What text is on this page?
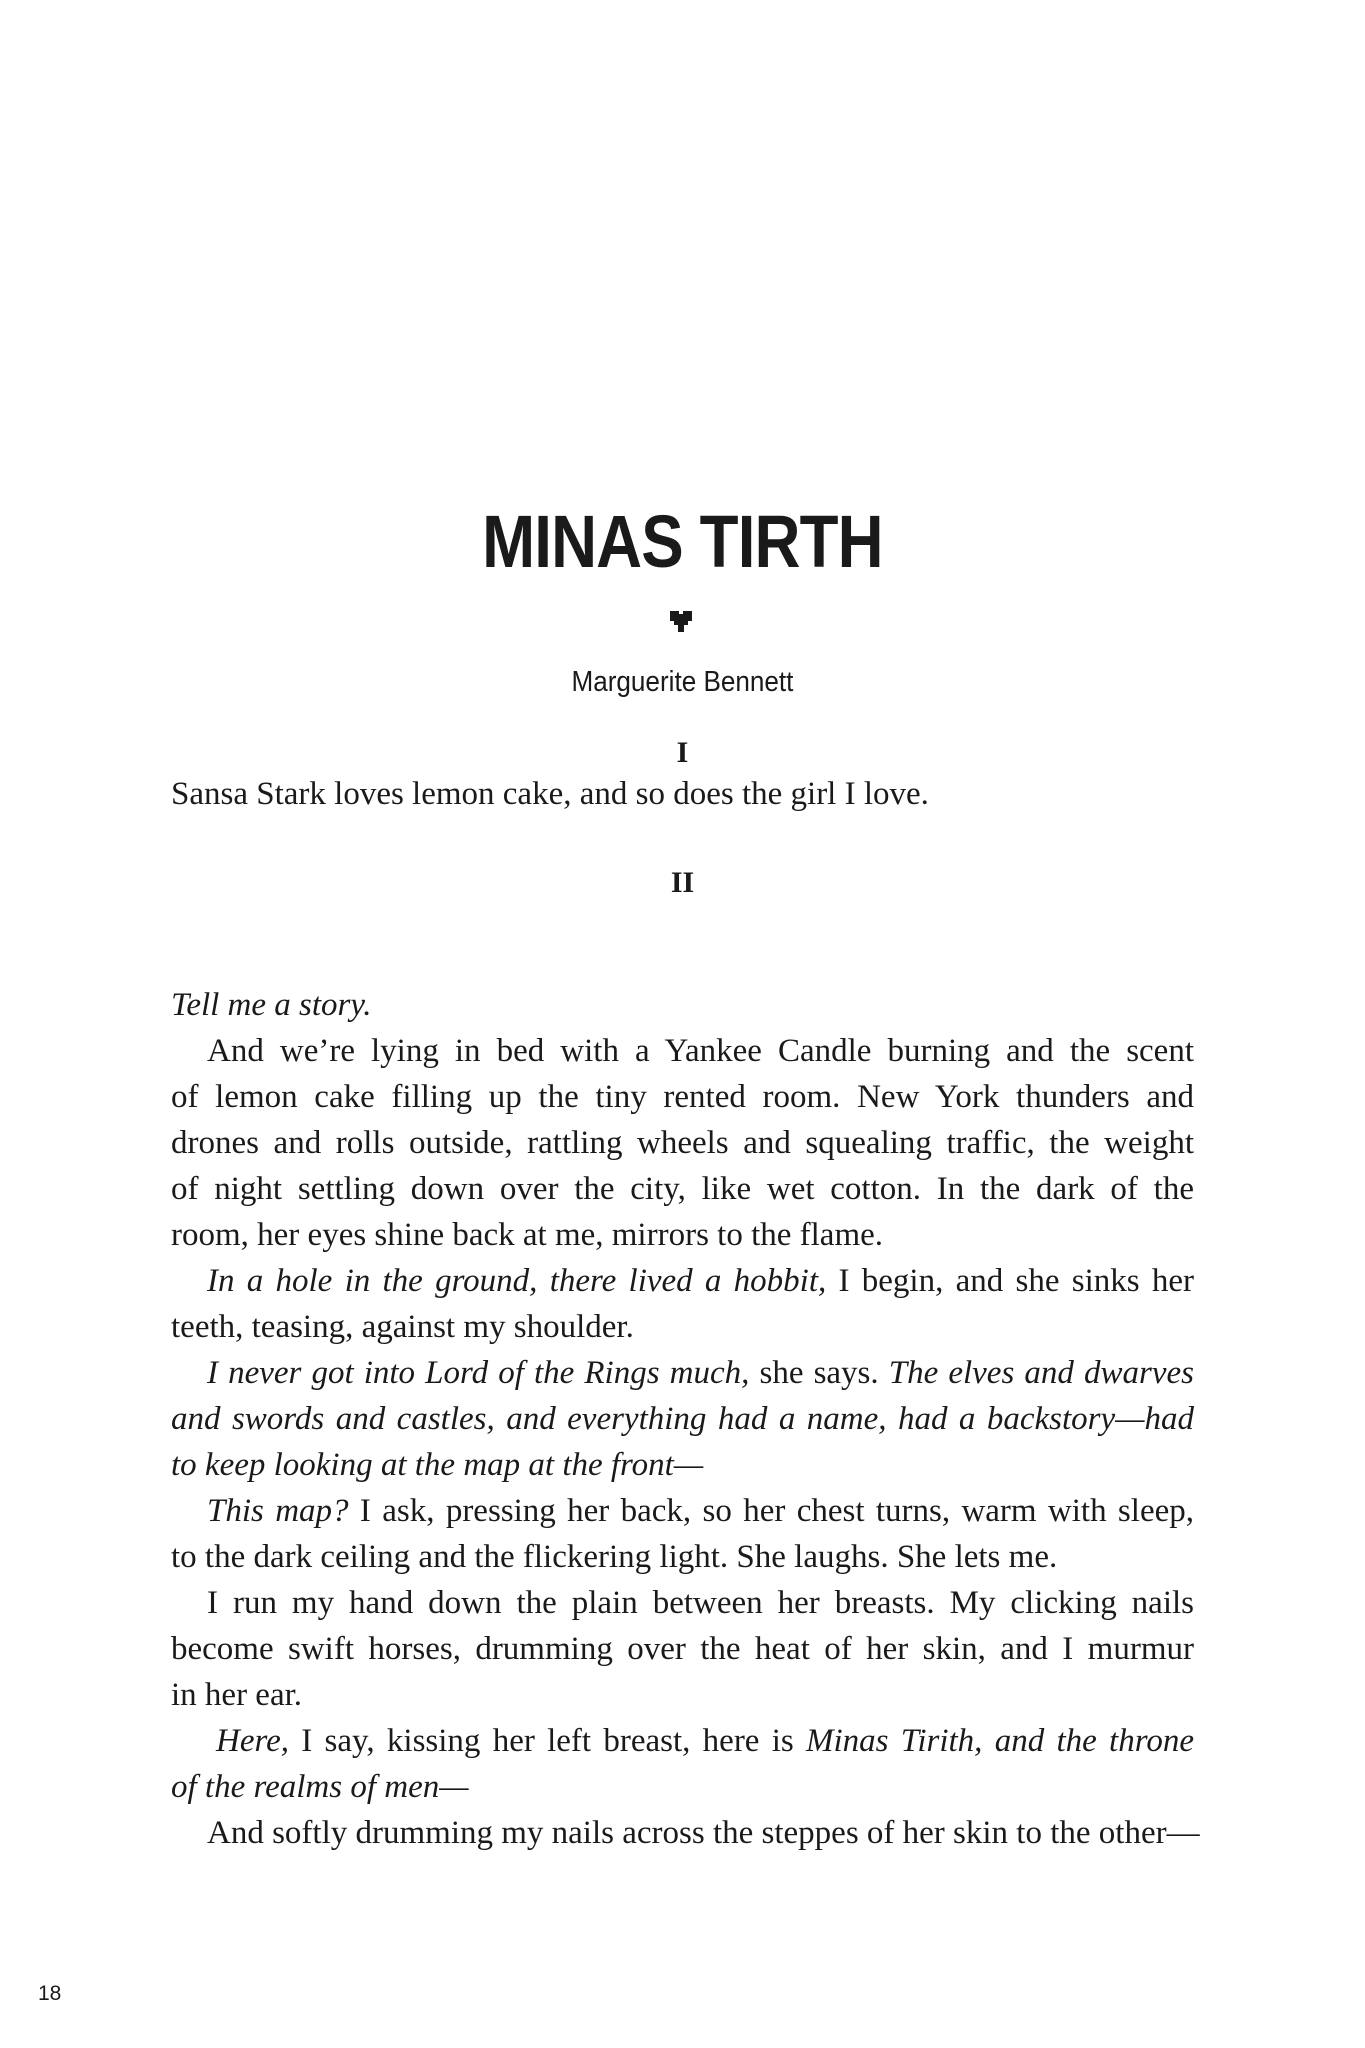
MINAS TIRTH
Marguerite Bennett
I
Sansa Stark loves lemon cake, and so does the girl I love.
II
Tell me a story.
And we’re lying in bed with a Yankee Candle burning and the scent
of lemon cake filling up the tiny rented room. New York thunders and
drones and rolls outside, rattling wheels and squealing traffic, the weight
of night settling down over the city, like wet cotton. In the dark of the
room, her eyes shine back at me, mirrors to the flame.
In a hole in the ground, there lived a hobbit, I begin, and she sinks her
teeth, teasing, against my shoulder.
I never got into Lord of the Rings much, she says. The elves and dwarves
and swords and castles, and everything had a name, had a backstory—had
to keep looking at the map at the front—
This map? I ask, pressing her back, so her chest turns, warm with sleep,
to the dark ceiling and the flickering light. She laughs. She lets me.
I run my hand down the plain between her breasts. My clicking nails
become swift horses, drumming over the heat of her skin, and I murmur
in her ear.
Here, I say, kissing her left breast, here is Minas Tirith, and the throne
of the realms of men—
And softly drumming my nails across the steppes of her skin to the other—
18
